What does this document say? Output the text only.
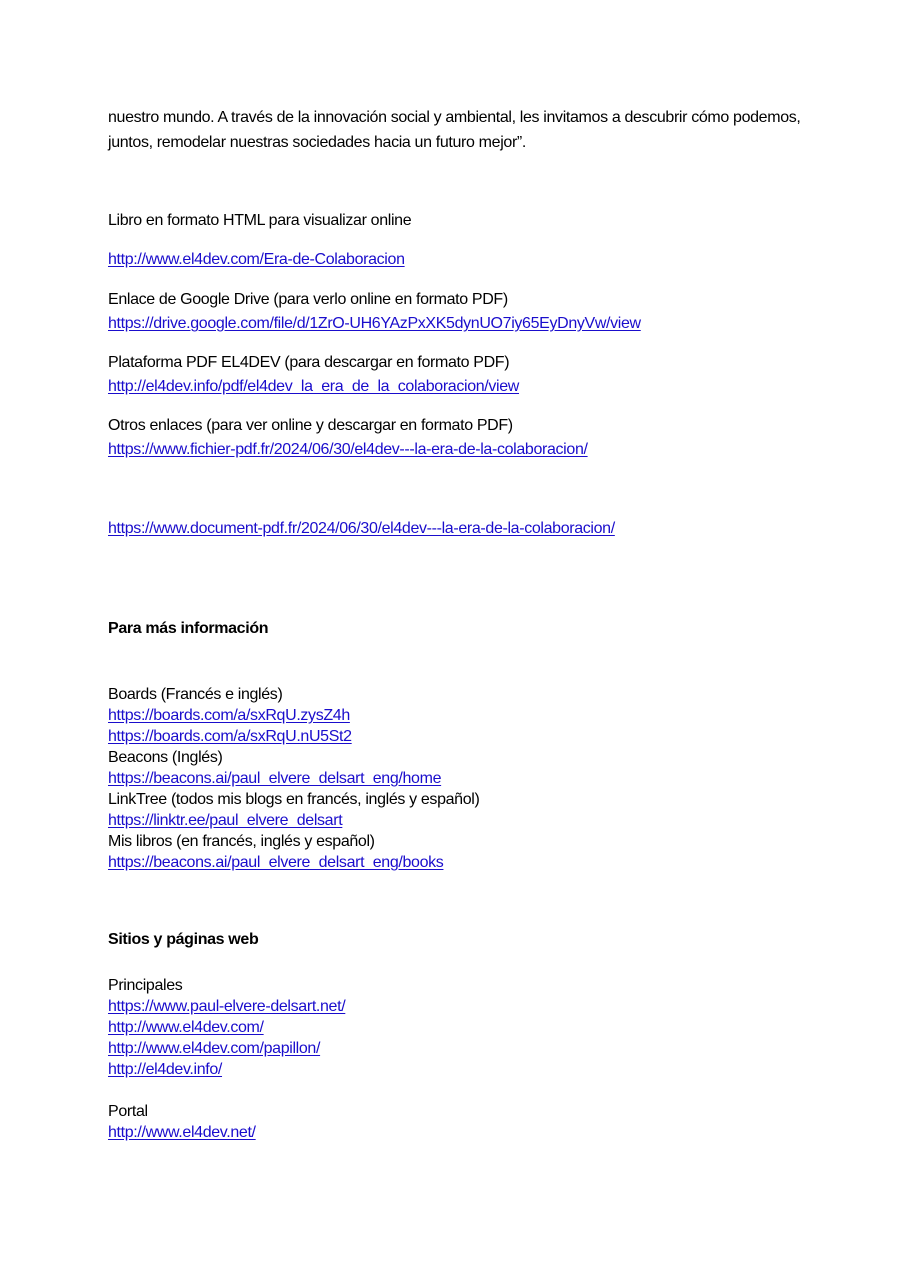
nuestro mundo. A través de la innovación social y ambiental, les invitamos a descubrir cómo podemos,
juntos, remodelar nuestras sociedades hacia un futuro mejor”.
Libro en formato HTML para visualizar online
http://www.el4dev.com/Era-de-Colaboracion
Enlace de Google Drive (para verlo online en formato PDF)
https://drive.google.com/file/d/1ZrO-UH6YAzPxXK5dynUO7iy65EyDnyVw/view
Plataforma PDF EL4DEV (para descargar en formato PDF)
http://el4dev.info/pdf/el4dev_la_era_de_la_colaboracion/view
Otros enlaces (para ver online y descargar en formato PDF)
https://www.fichier-pdf.fr/2024/06/30/el4dev---la-era-de-la-colaboracion/
https://www.document-pdf.fr/2024/06/30/el4dev---la-era-de-la-colaboracion/
Para más información
Boards (Francés e inglés)
https://boards.com/a/sxRqU.zysZ4h
https://boards.com/a/sxRqU.nU5St2
Beacons (Inglés)
https://beacons.ai/paul_elvere_delsart_eng/home
LinkTree (todos mis blogs en francés, inglés y español)
https://linktr.ee/paul_elvere_delsart
Mis libros (en francés, inglés y español)
https://beacons.ai/paul_elvere_delsart_eng/books
Sitios y páginas web
Principales
https://www.paul-elvere-delsart.net/
http://www.el4dev.com/
http://www.el4dev.com/papillon/
http://el4dev.info/
Portal
http://www.el4dev.net/
